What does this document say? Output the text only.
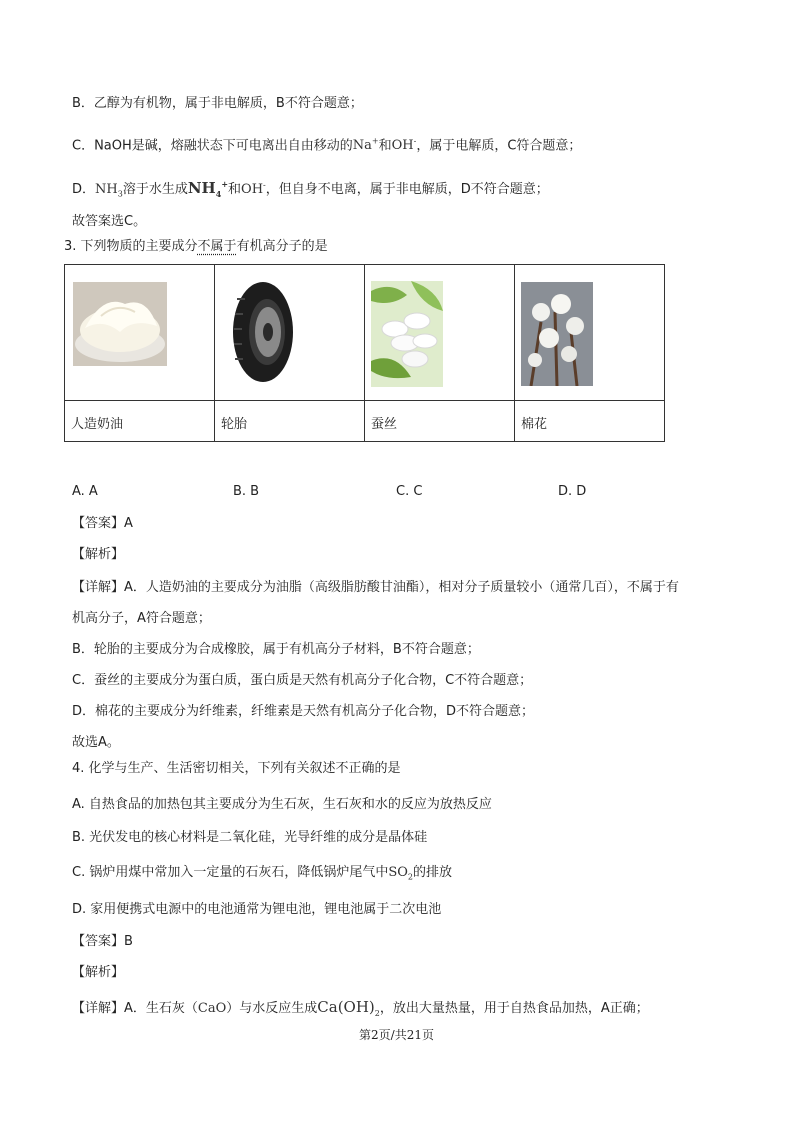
B．乙醇为有机物，属于非电解质，B不符合题意；
C．NaOH是碱，熔融状态下可电离出自由移动的Na+和OH-，属于电解质，C符合题意；
D．$NH_3$溶于水生成$NH_4^+$和OH-，但自身不电离，属于非电解质，D不符合题意；
故答案选C。
3. 下列物质的主要成分不属于有机高分子的是

人造奶油	轮胎	蚕丝	棉花
A. A	B. B	C. C	D. D
【答案】A
【解析】
【详解】A．人造奶油的主要成分为油脂（高级脂肪酸甘油酯），相对分子质量较小（通常几百），不属于有
机高分子，A符合题意；
B．轮胎的主要成分为合成橡胶，属于有机高分子材料，B不符合题意；
C．蚕丝的主要成分为蛋白质，蛋白质是天然有机高分子化合物，C不符合题意；
D．棉花的主要成分为纤维素，纤维素是天然有机高分子化合物，D不符合题意；
故选A。
4. 化学与生产、生活密切相关，下列有关叙述不正确的是
A. 自热食品的加热包其主要成分为生石灰，生石灰和水的反应为放热反应
B. 光伏发电的核心材料是二氧化硅，光导纤维的成分是晶体硅
C. 锅炉用煤中常加入一定量的石灰石，降低锅炉尾气中$SO_2$的排放
D. 家用便携式电源中的电池通常为锂电池，锂电池属于二次电池
【答案】B
【解析】
【详解】A．生石灰（CaO）与水反应生成$Ca(OH)_2$，放出大量热量，用于自热食品加热，A正确；
第2页/共21页
